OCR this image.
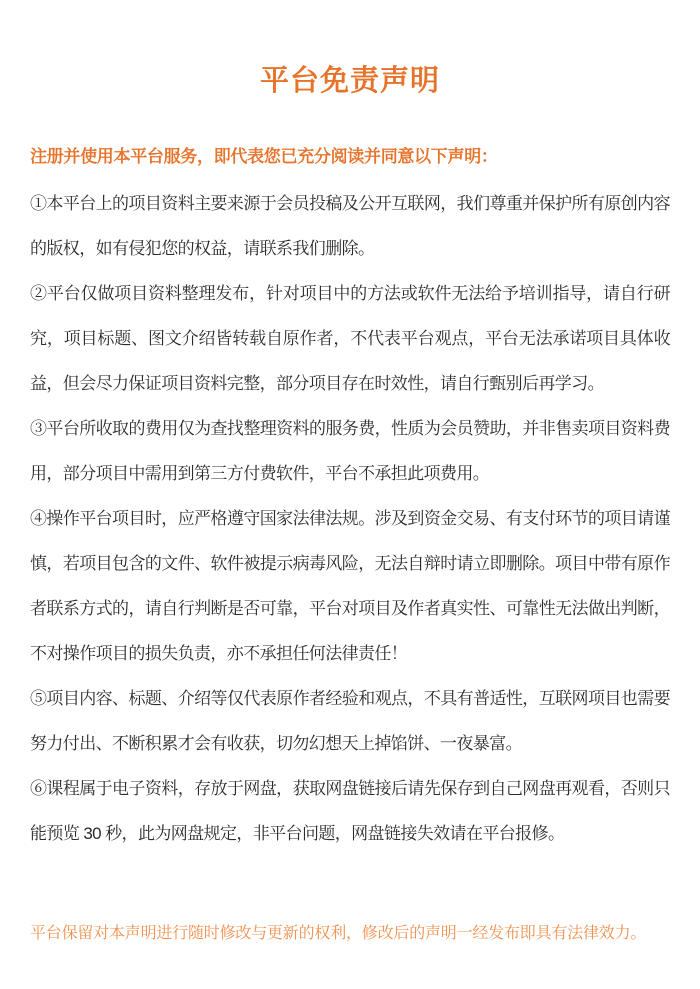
平台免责声明

注册并使用本平台服务，即代表您已充分阅读并同意以下声明：

①本平台上的项目资料主要来源于会员投稿及公开互联网，我们尊重并保护所有原创内容的版权，如有侵犯您的权益，请联系我们删除。

②平台仅做项目资料整理发布，针对项目中的方法或软件无法给予培训指导，请自行研究，项目标题、图文介绍皆转载自原作者，不代表平台观点，平台无法承诺项目具体收益，但会尽力保证项目资料完整，部分项目存在时效性，请自行甄别后再学习。

③平台所收取的费用仅为查找整理资料的服务费，性质为会员赞助，并非售卖项目资料费用，部分项目中需用到第三方付费软件，平台不承担此项费用。

④操作平台项目时，应严格遵守国家法律法规。涉及到资金交易、有支付环节的项目请谨慎，若项目包含的文件、软件被提示病毒风险，无法自辩时请立即删除。项目中带有原作者联系方式的，请自行判断是否可靠，平台对项目及作者真实性、可靠性无法做出判断，不对操作项目的损失负责，亦不承担任何法律责任！

⑤项目内容、标题、介绍等仅代表原作者经验和观点，不具有普适性，互联网项目也需要努力付出、不断积累才会有收获，切勿幻想天上掉馅饼、一夜暴富。

⑥课程属于电子资料，存放于网盘，获取网盘链接后请先保存到自己网盘再观看，否则只能预览 30 秒，此为网盘规定，非平台问题，网盘链接失效请在平台报修。

平台保留对本声明进行随时修改与更新的权利，修改后的声明一经发布即具有法律效力。
